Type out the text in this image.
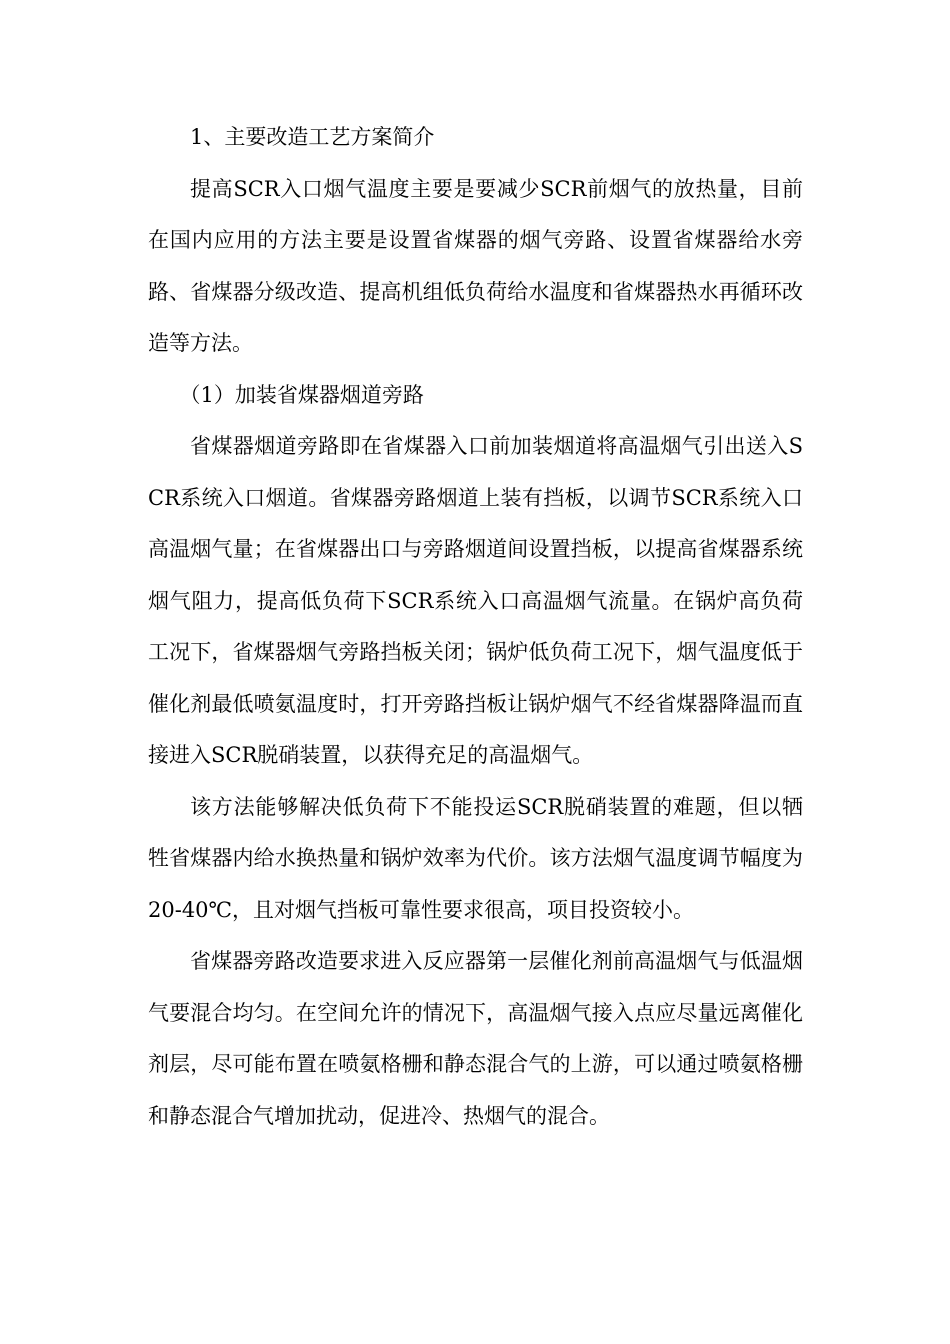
1、主要改造工艺方案简介

提高SCR入口烟气温度主要是要减少SCR前烟气的放热量，目前在国内应用的方法主要是设置省煤器的烟气旁路、设置省煤器给水旁路、省煤器分级改造、提高机组低负荷给水温度和省煤器热水再循环改造等方法。

（1）加装省煤器烟道旁路

省煤器烟道旁路即在省煤器入口前加装烟道将高温烟气引出送入SCR系统入口烟道。省煤器旁路烟道上装有挡板，以调节SCR系统入口高温烟气量；在省煤器出口与旁路烟道间设置挡板，以提高省煤器系统烟气阻力，提高低负荷下SCR系统入口高温烟气流量。在锅炉高负荷工况下，省煤器烟气旁路挡板关闭；锅炉低负荷工况下，烟气温度低于催化剂最低喷氨温度时，打开旁路挡板让锅炉烟气不经省煤器降温而直接进入SCR脱硝装置，以获得充足的高温烟气。

该方法能够解决低负荷下不能投运SCR脱硝装置的难题，但以牺牲省煤器内给水换热量和锅炉效率为代价。该方法烟气温度调节幅度为20-40℃，且对烟气挡板可靠性要求很高，项目投资较小。

省煤器旁路改造要求进入反应器第一层催化剂前高温烟气与低温烟气要混合均匀。在空间允许的情况下，高温烟气接入点应尽量远离催化剂层，尽可能布置在喷氨格栅和静态混合气的上游，可以通过喷氨格栅和静态混合气增加扰动，促进冷、热烟气的混合。
